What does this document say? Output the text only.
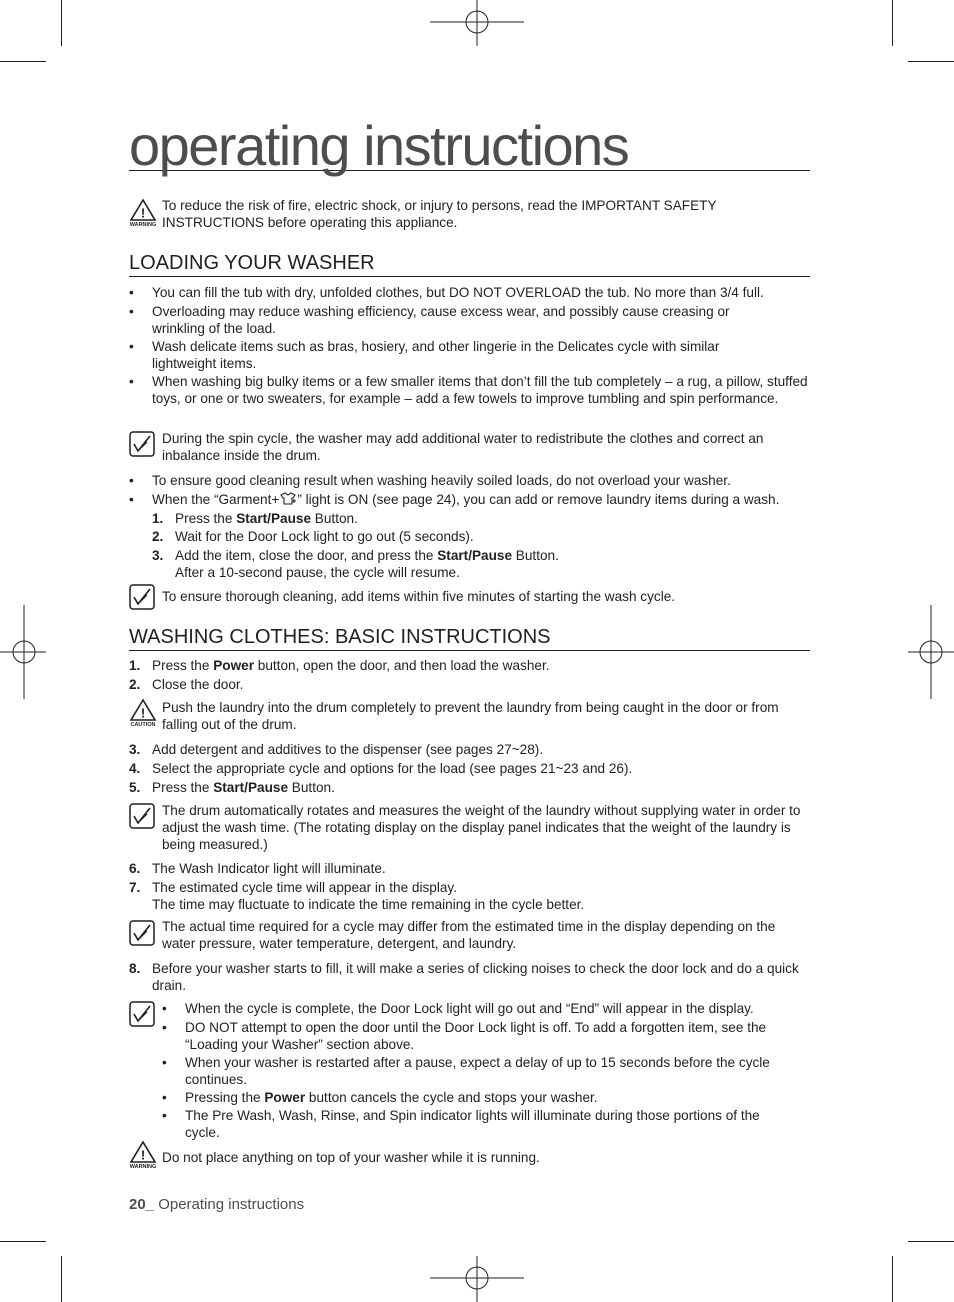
operating instructions
!
WARNING
To reduce the risk of fire, electric shock, or injury to persons, read the IMPORTANT SAFETY INSTRUCTIONS before operating this appliance.
LOADING YOUR WASHER
• You can fill the tub with dry, unfolded clothes, but DO NOT OVERLOAD the tub. No more than 3/4 full.
• Overloading may reduce washing efficiency, cause excess wear, and possibly cause creasing or wrinkling of the load.
• Wash delicate items such as bras, hosiery, and other lingerie in the Delicates cycle with similar lightweight items.
• When washing big bulky items or a few smaller items that don’t fill the tub completely – a rug, a pillow, stuffed toys, or one or two sweaters, for example – add a few towels to improve tumbling and spin performance.
During the spin cycle, the washer may add additional water to redistribute the clothes and correct an inbalance inside the drum.
• To ensure good cleaning result when washing heavily soiled loads, do not overload your washer.
• When the “Garment+ ” light is ON (see page 24), you can add or remove laundry items during a wash.
1. Press the Start/Pause Button.
2. Wait for the Door Lock light to go out (5 seconds).
3. Add the item, close the door, and press the Start/Pause Button.
After a 10-second pause, the cycle will resume.
To ensure thorough cleaning, add items within five minutes of starting the wash cycle.
WASHING CLOTHES: BASIC INSTRUCTIONS
1. Press the Power button, open the door, and then load the washer.
2. Close the door.
!
CAUTION
Push the laundry into the drum completely to prevent the laundry from being caught in the door or from falling out of the drum.
3. Add detergent and additives to the dispenser (see pages 27~28).
4. Select the appropriate cycle and options for the load (see pages 21~23 and 26).
5. Press the Start/Pause Button.
The drum automatically rotates and measures the weight of the laundry without supplying water in order to adjust the wash time. (The rotating display on the display panel indicates that the weight of the laundry is being measured.)
6. The Wash Indicator light will illuminate.
7. The estimated cycle time will appear in the display.
The time may fluctuate to indicate the time remaining in the cycle better.
The actual time required for a cycle may differ from the estimated time in the display depending on the water pressure, water temperature, detergent, and laundry.
8. Before your washer starts to fill, it will make a series of clicking noises to check the door lock and do a quick drain.
• When the cycle is complete, the Door Lock light will go out and “End” will appear in the display.
• DO NOT attempt to open the door until the Door Lock light is off. To add a forgotten item, see the “Loading your Washer” section above.
• When your washer is restarted after a pause, expect a delay of up to 15 seconds before the cycle continues.
• Pressing the Power button cancels the cycle and stops your washer.
• The Pre Wash, Wash, Rinse, and Spin indicator lights will illuminate during those portions of the cycle.
!
WARNING
Do not place anything on top of your washer while it is running.
20_ Operating instructions
